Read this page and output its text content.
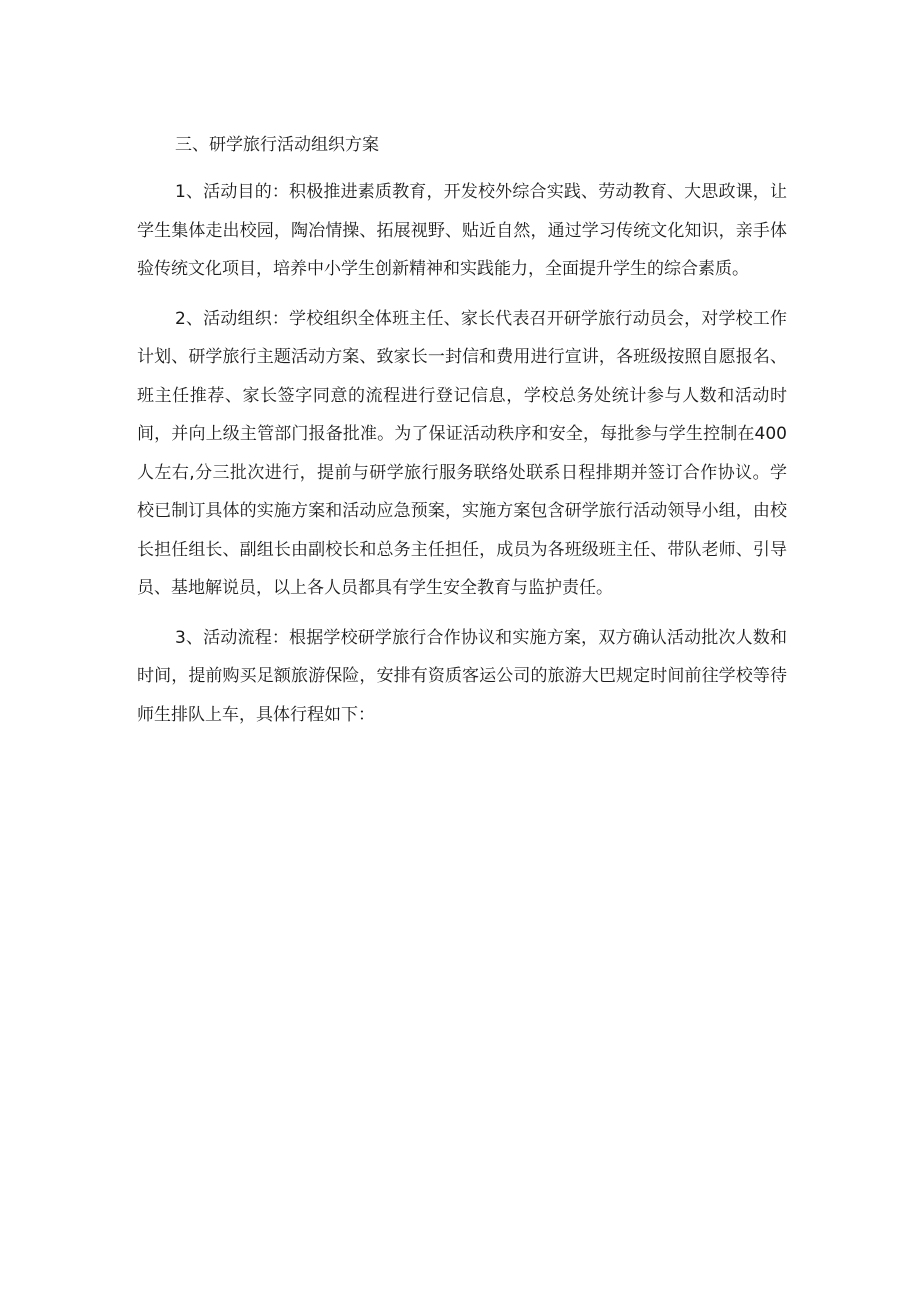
三、研学旅行活动组织方案

1、活动目的：积极推进素质教育，开发校外综合实践、劳动教育、大思政课，让学生集体走出校园，陶冶情操、拓展视野、贴近自然，通过学习传统文化知识，亲手体验传统文化项目，培养中小学生创新精神和实践能力，全面提升学生的综合素质。

2、活动组织：学校组织全体班主任、家长代表召开研学旅行动员会，对学校工作计划、研学旅行主题活动方案、致家长一封信和费用进行宣讲，各班级按照自愿报名、班主任推荐、家长签字同意的流程进行登记信息，学校总务处统计参与人数和活动时间，并向上级主管部门报备批准。为了保证活动秩序和安全，每批参与学生控制在400人左右,分三批次进行，提前与研学旅行服务联络处联系日程排期并签订合作协议。学校已制订具体的实施方案和活动应急预案，实施方案包含研学旅行活动领导小组，由校长担任组长、副组长由副校长和总务主任担任，成员为各班级班主任、带队老师、引导员、基地解说员，以上各人员都具有学生安全教育与监护责任。

3、活动流程：根据学校研学旅行合作协议和实施方案，双方确认活动批次人数和时间，提前购买足额旅游保险，安排有资质客运公司的旅游大巴规定时间前往学校等待师生排队上车，具体行程如下：
